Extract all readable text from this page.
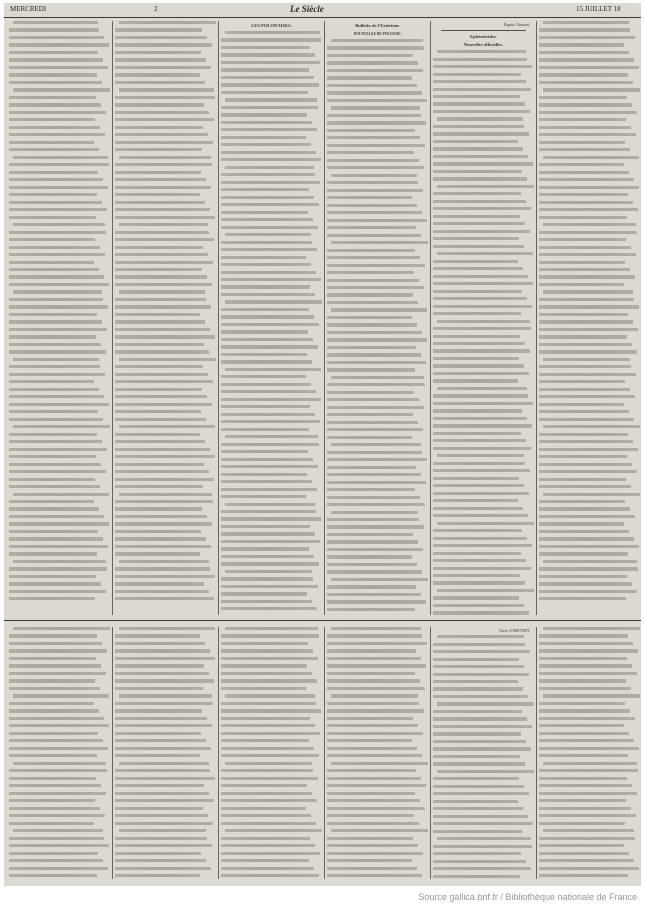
MERCREDI	2	Le Siècle	15 JUILLET 18
LES POLONAISES.	Bulletin de l'Extérieur.
NOUVELLES DE POLOGNE.
Eugène Chautard.
Ephémérides.
Nouvelles officielles.
Oscar COMETTANT.
Source gallica.bnf.fr / Bibliothèque nationale de France
